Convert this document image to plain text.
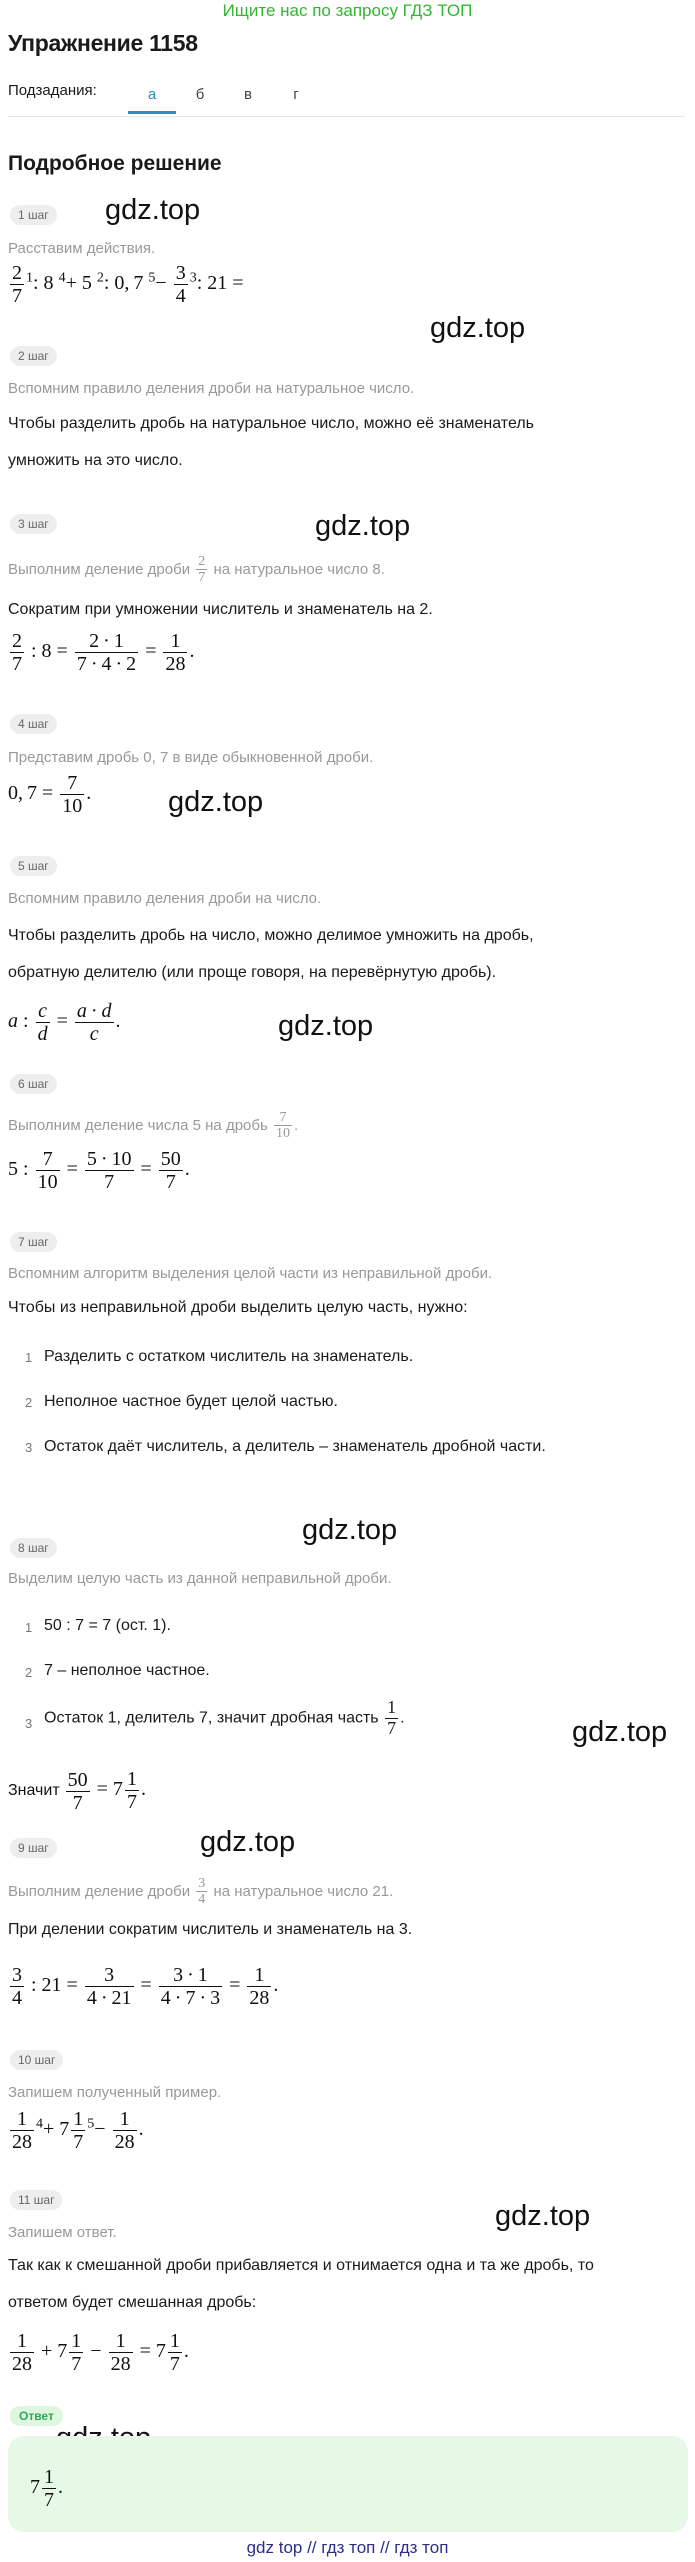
Ищите нас по запросу ГДЗ ТОП
Упражнение 1158
Подзадания:	а	б	в	г
Подробное решение
gdz.top
gdz.top
gdz.top
gdz.top
gdz.top
gdz.top
gdz.top
gdz.top
gdz.top
1 шаг
Расставим действия.
$\frac{2}{7} ^1$: 8 $^4$+ 5 $^2$: 0, 7 $^5- \frac{3}{4} ^3$: 21 =
2 шаг
Вспомним правило деления дроби на натуральное число.
Чтобы разделить дробь на натуральное число, можно её знаменатель
умножить на это число.
3 шаг
Выполним деление дроби $\frac{2}{7}$ на натуральное число 8.
Сократим при умножении числитель и знаменатель на 2.
$\frac{2}{7}$ : $8 = \frac{2 \cdot 1}{7 \cdot 4 \cdot 2} = \frac{1}{28}$ .
4 шаг
Представим дробь 0, 7 в виде обыкновенной дроби.
0, $7 = \frac{7}{10}$ .
5 шаг
Вспомним правило деления дроби на число.
Чтобы разделить дробь на число, можно делимое умножить на дробь,
обратную делителю (или проще говоря, на перевёрнутую дробь).
a : $\frac{c}{d} = \frac{a \cdot d}{c}$ .
6 шаг
Выполним деление числа 5 на дробь $\frac{7}{10}$ .
5 : $\frac{7}{10} = \frac{5 \cdot 10}{7} = \frac{50}{7}$ .
7 шаг
Вспомним алгоритм выделения целой части из неправильной дроби.
Чтобы из неправильной дроби выделить целую часть, нужно:
1 Разделить с остатком числитель на знаменатель.
2 Неполное частное будет целой частью.
3 Остаток даёт числитель, а делитель – знаменатель дробной части.
8 шаг
Выделим целую часть из данной неправильной дроби.
1 50 : 7 = 7 (ост. 1).
2 7 – неполное частное.
3 Остаток 1, делитель 7, значит дробная часть $\frac{1}{7}$ .
Значит $\frac{50}{7} = 7 \frac{1}{7}$ .
9 шаг
Выполним деление дроби $\frac{3}{4}$ на натуральное число 21.
При делении сократим числитель и знаменатель на 3.
$\frac{3}{4}$ : $21 = \frac{3}{4 \cdot 21} = \frac{3 \cdot 1}{4 \cdot 7 \cdot 3} = \frac{1}{28}$ .
10 шаг
Запишем полученный пример.
$\frac{1}{28} ^4+ 7 \frac{1}{7} ^5- \frac{1}{28}$ .
11 шаг
Запишем ответ.
Так как к смешанной дроби прибавляется и отнимается одна и та же дробь, то
ответом будет смешанная дробь:
$\frac{1}{28} + 7 \frac{1}{7} - \frac{1}{28} = 7 \frac{1}{7}$ .
Ответ
$7 \frac{1}{7}$ .
gdz top // гдз топ // гдз топ
